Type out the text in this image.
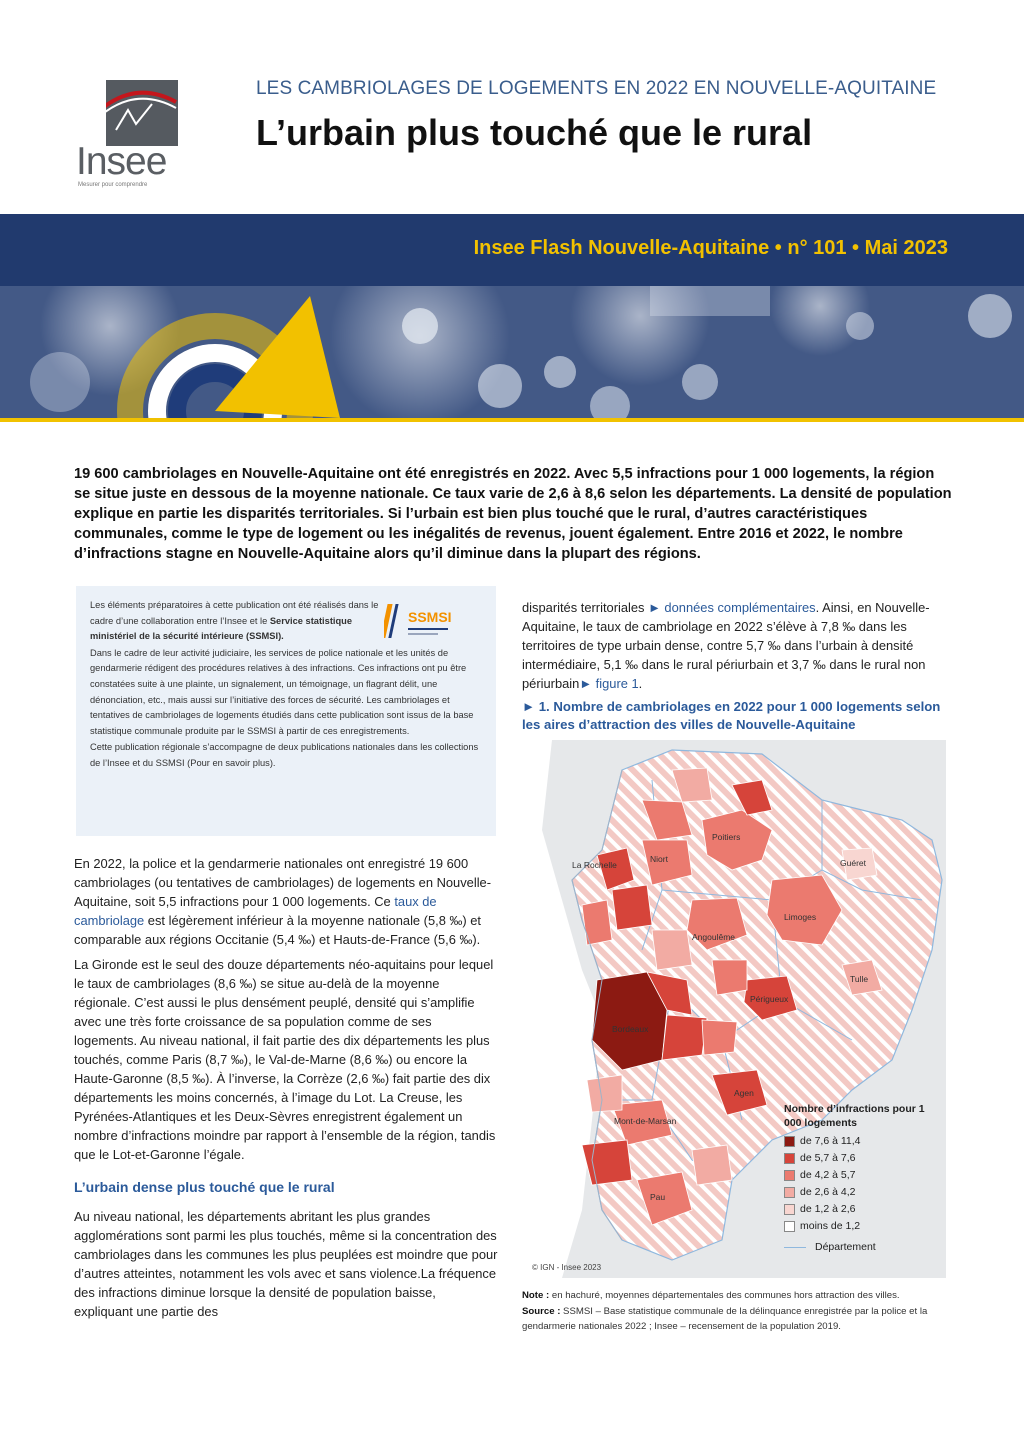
Insee
Mesurer pour comprendre
LES CAMBRIOLAGES DE LOGEMENTS EN 2022 EN NOUVELLE-AQUITAINE
L’urbain plus touché que le rural
Insee Flash Nouvelle-Aquitaine • n° 101 • Mai 2023

19 600 cambriolages en Nouvelle-Aquitaine ont été enregistrés en 2022. Avec 5,5 infractions pour 1 000 logements, la région se situe juste en dessous de la moyenne nationale. Ce taux varie de 2,6 à 8,6 selon les départements. La densité de population explique en partie les disparités territoriales. Si l’urbain est bien plus touché que le rural, d’autres caractéristiques communales, comme le type de logement ou les inégalités de revenus, jouent également. Entre 2016 et 2022, le nombre d’infractions stagne en Nouvelle-Aquitaine alors qu’il diminue dans la plupart des régions.

SSMSI

Les éléments préparatoires à cette publication ont été réalisés dans le cadre d’une collaboration entre l’Insee et le Service statistique ministériel de la sécurité intérieure (SSMSI).

Dans le cadre de leur activité judiciaire, les services de police nationale et les unités de gendarmerie rédigent des procédures relatives à des infractions. Ces infractions ont pu être constatées suite à une plainte, un signalement, un témoignage, un flagrant délit, une dénonciation, etc., mais aussi sur l’initiative des forces de sécurité. Les cambriolages et tentatives de cambriolages de logements étudiés dans cette publication sont issus de la base statistique communale produite par le SSMSI à partir de ces enregistrements.

Cette publication régionale s’accompagne de deux publications nationales dans les collections de l’Insee et du SSMSI (Pour en savoir plus).

En 2022, la police et la gendarmerie nationales ont enregistré 19 600 cambriolages (ou tentatives de cambriolages) de logements en Nouvelle-Aquitaine, soit 5,5 infractions pour 1 000 logements. Ce taux de cambriolage est légèrement inférieur à la moyenne nationale (5,8 ‰) et comparable aux régions Occitanie (5,4 ‰) et Hauts-de-France (5,6 ‰).

La Gironde est le seul des douze départements néo-aquitains pour lequel le taux de cambriolages (8,6 ‰) se situe au-delà de la moyenne régionale. C’est aussi le plus densément peuplé, densité qui s’amplifie avec une très forte croissance de sa population comme de ses logements. Au niveau national, il fait partie des dix départements les plus touchés, comme Paris (8,7 ‰), le Val-de-Marne (8,6 ‰) ou encore la Haute-Garonne (8,5 ‰). À l’inverse, la Corrèze (2,6 ‰) fait partie des dix départements les moins concernés, à l’image du Lot. La Creuse, les Pyrénées-Atlantiques et les Deux-Sèvres enregistrent également un nombre d’infractions moindre par rapport à l’ensemble de la région, tandis que le Lot-et-Garonne l’égale.

L’urbain dense plus touché que le rural

Au niveau national, les départements abritant les plus grandes agglomérations sont parmi les plus touchés, même si la concentration des cambriolages dans les communes les plus peuplées est moindre que pour d’autres atteintes, notamment les vols avec et sans violence.La fréquence des infractions diminue lorsque la densité de population baisse, expliquant une partie des

disparités territoriales ► données complémentaires. Ainsi, en Nouvelle-Aquitaine, le taux de cambriolage en 2022 s’élève à 7,8 ‰ dans les territoires de type urbain dense, contre 5,7 ‰ dans l’urbain à densité intermédiaire, 5,1 ‰ dans le rural périurbain et 3,7 ‰ dans le rural non périurbain► figure 1.

► 1. Nombre de cambriolages en 2022 pour 1 000 logements selon les aires d’attraction des villes de Nouvelle-Aquitaine
Poitiers
Niort
La Rochelle	Guéret
Limoges
Angoulême
Tulle
Périgueux
Bordeaux
Agen
Mont-de-Marsan
Pau
Nombre d’infractions pour 1 000 logements
de 7,6 à 11,4
de 5,7 à 7,6
de 4,2 à 5,7
de 2,6 à 4,2
de 1,2 à 2,6
moins de 1,2
Département
© IGN - Insee 2023

Note : en hachuré, moyennes départementales des communes hors attraction des villes.

Source : SSMSI – Base statistique communale de la délinquance enregistrée par la police et la gendarmerie nationales 2022 ; Insee – recensement de la population 2019.
